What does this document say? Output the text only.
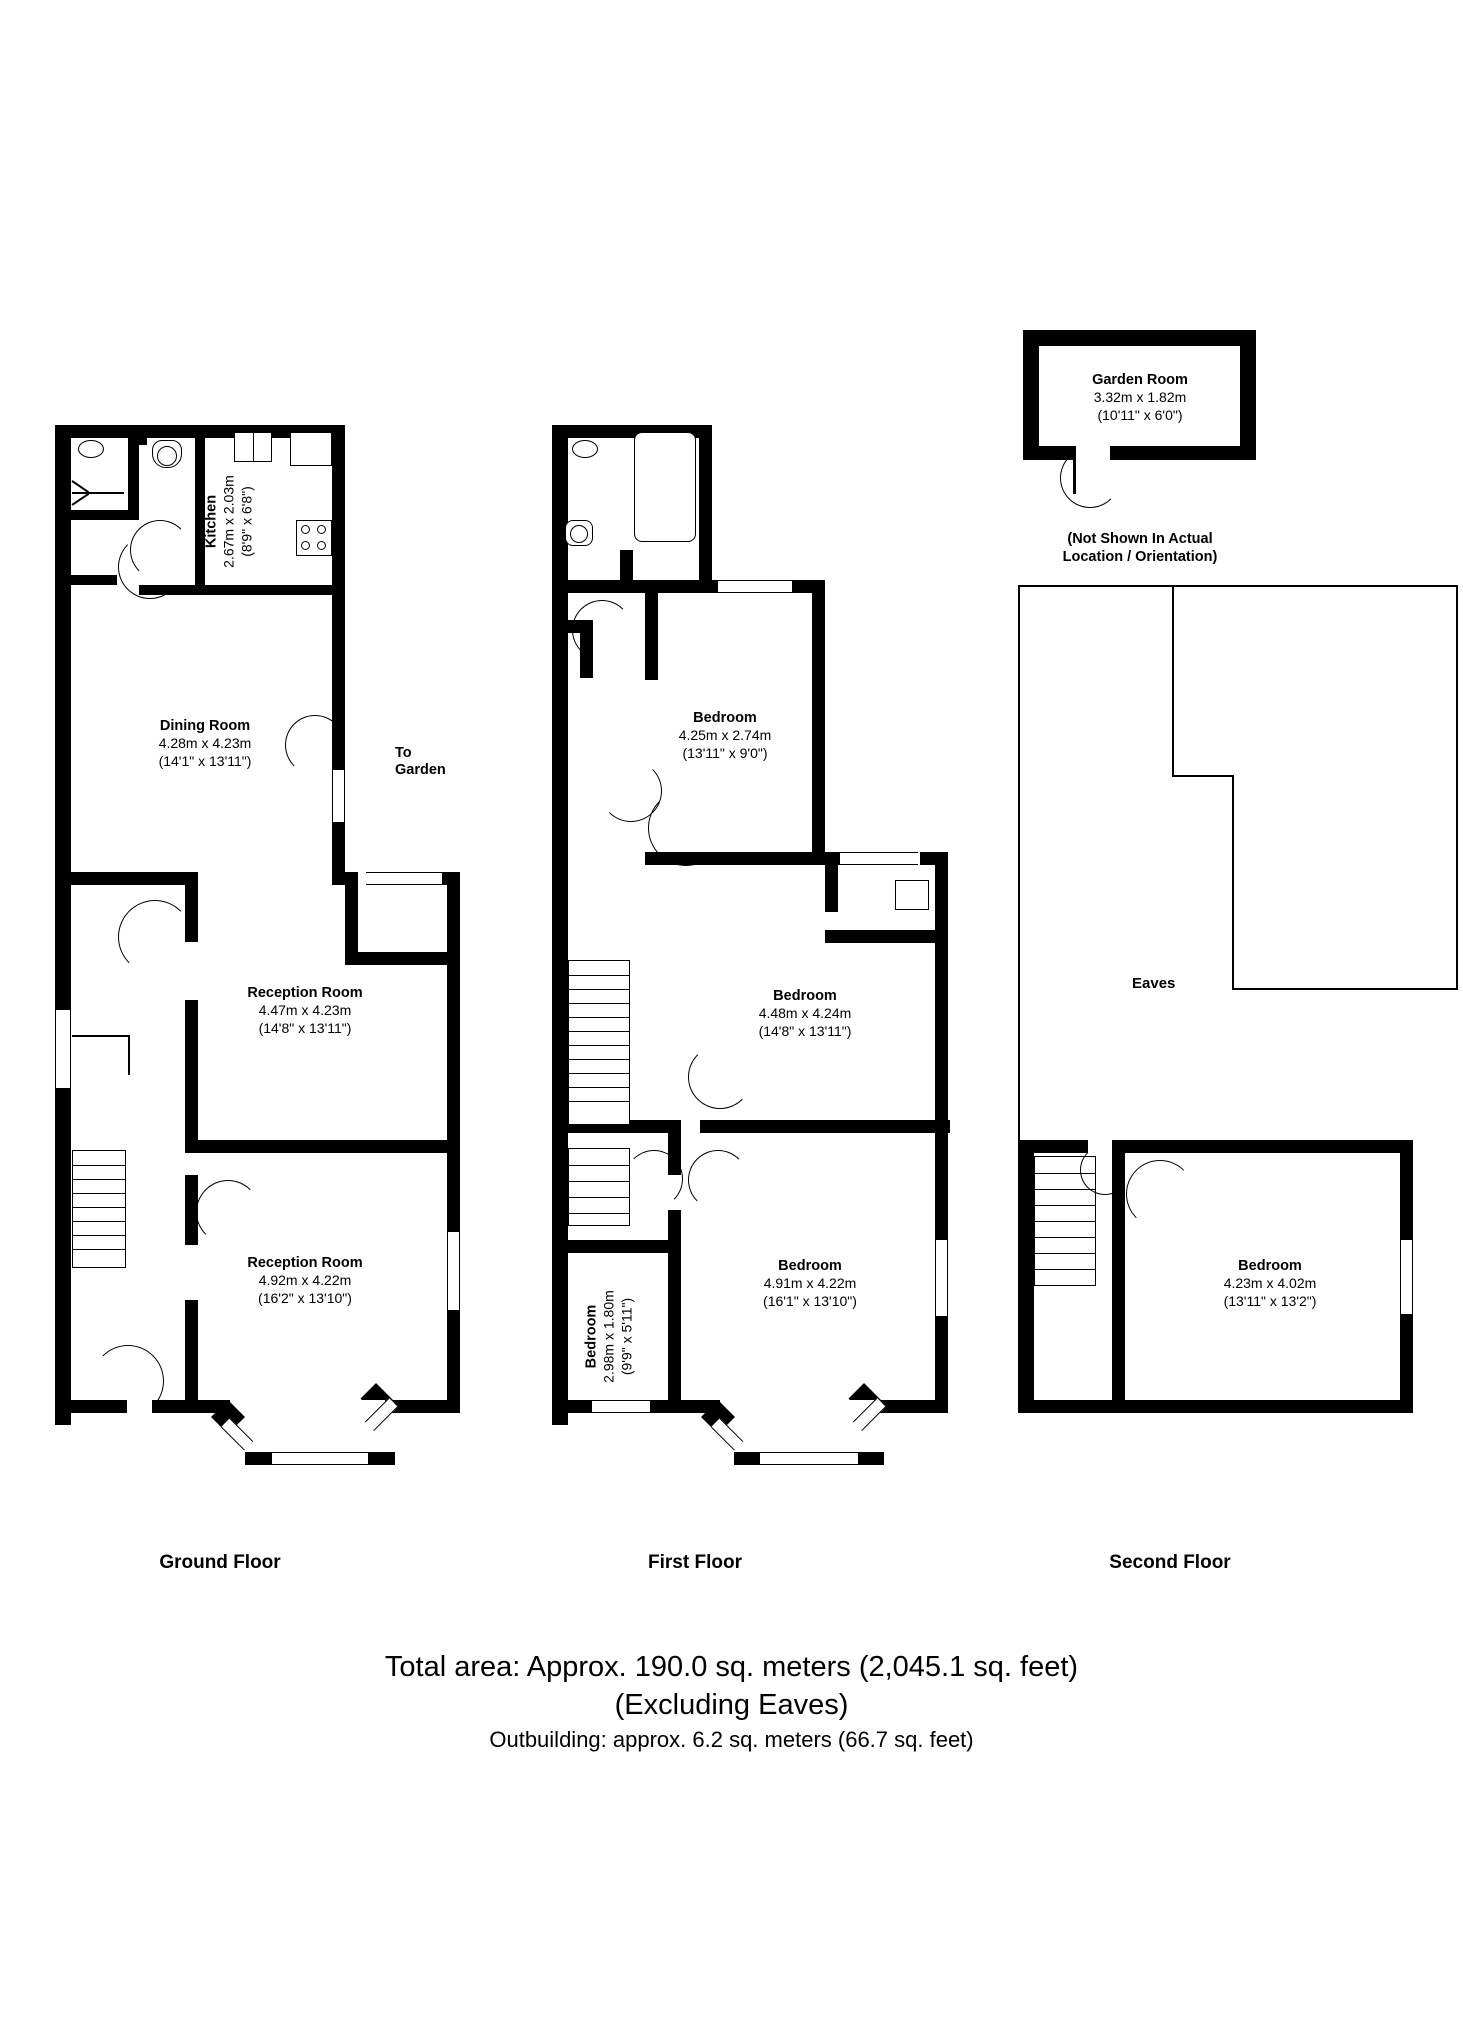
Kitchen
2.67m x 2.03m (8'9" x 6'8")
Dining Room
4.28m x 4.23m
(14'1" x 13'11")
Reception Room
4.47m x 4.23m
(14'8" x 13'11")
Reception Room
4.92m x 4.22m
(16'2" x 13'10")
To
Garden
Ground Floor
Bedroom
4.25m x 2.74m
(13'11" x 9'0")
Bedroom
4.48m x 4.24m
(14'8" x 13'11")
Bedroom
4.91m x 4.22m
(16'1" x 13'10")
Bedroom
2.98m x 1.80m (9'9" x 5'11")
First Floor
Eaves
Bedroom
4.23m x 4.02m
(13'11" x 13'2")
Second Floor
Garden Room
3.32m x 1.82m
(10'11" x 6'0")
(Not Shown In Actual
Location / Orientation)
Total area: Approx. 190.0 sq. meters (2,045.1 sq. feet)
(Excluding Eaves)
Outbuilding: approx. 6.2 sq. meters (66.7 sq. feet)
